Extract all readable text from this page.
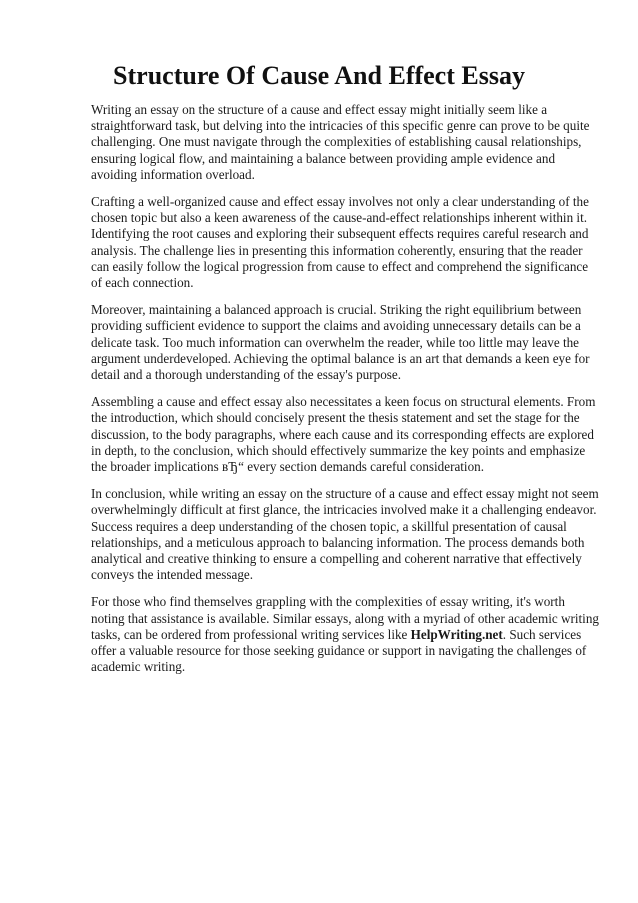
Structure Of Cause And Effect Essay

Writing an essay on the structure of a cause and effect essay might initially seem like a straightforward task, but delving into the intricacies of this specific genre can prove to be quite challenging. One must navigate through the complexities of establishing causal relationships, ensuring logical flow, and maintaining a balance between providing ample evidence and avoiding information overload.

Crafting a well-organized cause and effect essay involves not only a clear understanding of the chosen topic but also a keen awareness of the cause-and-effect relationships inherent within it. Identifying the root causes and exploring their subsequent effects requires careful research and analysis. The challenge lies in presenting this information coherently, ensuring that the reader can easily follow the logical progression from cause to effect and comprehend the significance of each connection.

Moreover, maintaining a balanced approach is crucial. Striking the right equilibrium between providing sufficient evidence to support the claims and avoiding unnecessary details can be a delicate task. Too much information can overwhelm the reader, while too little may leave the argument underdeveloped. Achieving the optimal balance is an art that demands a keen eye for detail and a thorough understanding of the essay's purpose.

Assembling a cause and effect essay also necessitates a keen focus on structural elements. From the introduction, which should concisely present the thesis statement and set the stage for the discussion, to the body paragraphs, where each cause and its corresponding effects are explored in depth, to the conclusion, which should effectively summarize the key points and emphasize the broader implications вЂ“ every section demands careful consideration.

In conclusion, while writing an essay on the structure of a cause and effect essay might not seem overwhelmingly difficult at first glance, the intricacies involved make it a challenging endeavor. Success requires a deep understanding of the chosen topic, a skillful presentation of causal relationships, and a meticulous approach to balancing information. The process demands both analytical and creative thinking to ensure a compelling and coherent narrative that effectively conveys the intended message.

For those who find themselves grappling with the complexities of essay writing, it's worth noting that assistance is available. Similar essays, along with a myriad of other academic writing tasks, can be ordered from professional writing services like HelpWriting.net. Such services offer a valuable resource for those seeking guidance or support in navigating the challenges of academic writing.
